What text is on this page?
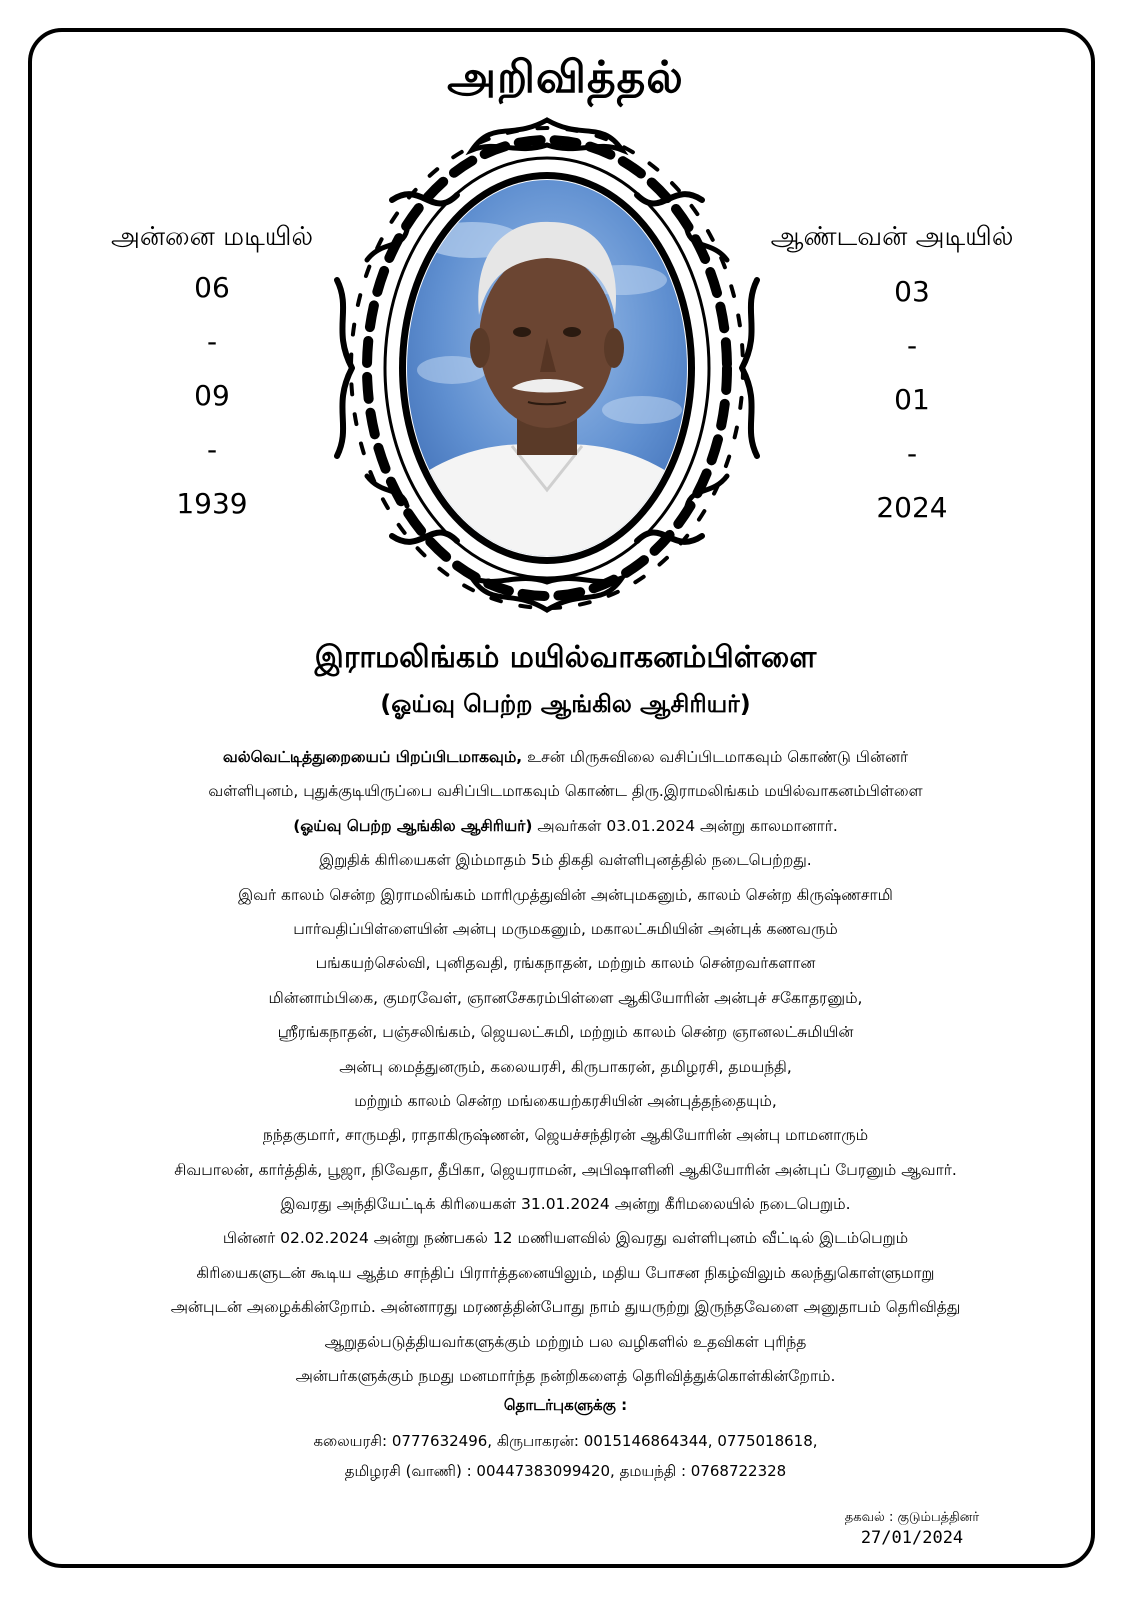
அறிவித்தல்
அன்னை மடியில்
06
-
09
-
1939
ஆண்டவன் அடியில்
03
-
01
-
2024
இராமலிங்கம் மயில்வாகனம்பிள்ளை
(ஓய்வு பெற்ற ஆங்கில ஆசிரியர்)
வல்வெட்டித்துறையைப் பிறப்பிடமாகவும், உசன் மிருசுவிலை வசிப்பிடமாகவும் கொண்டு பின்னர்
வள்ளிபுனம், புதுக்குடியிருப்பை வசிப்பிடமாகவும் கொண்ட திரு.இராமலிங்கம் மயில்வாகனம்பிள்ளை
(ஓய்வு பெற்ற ஆங்கில ஆசிரியர்) அவர்கள் 03.01.2024 அன்று காலமானார்.
இறுதிக் கிரியைகள் இம்மாதம் 5ம் திகதி வள்ளிபுனத்தில் நடைபெற்றது.
இவர் காலம் சென்ற இராமலிங்கம் மாரிமுத்துவின் அன்புமகனும், காலம் சென்ற கிருஷ்ணசாமி
பார்வதிப்பிள்ளையின் அன்பு மருமகனும், மகாலட்சுமியின் அன்புக் கணவரும்
பங்கயற்செல்வி, புனிதவதி, ரங்கநாதன், மற்றும் காலம் சென்றவர்களான
மின்னாம்பிகை, குமரவேள், ஞானசேகரம்பிள்ளை ஆகியோரின் அன்புச் சகோதரனும்,
ஸ்ரீரங்கநாதன், பஞ்சலிங்கம், ஜெயலட்சுமி, மற்றும் காலம் சென்ற ஞானலட்சுமியின்
அன்பு மைத்துனரும், கலையரசி, கிருபாகரன், தமிழரசி, தமயந்தி,
மற்றும் காலம் சென்ற மங்கையற்கரசியின் அன்புத்தந்தையும்,
நந்தகுமார், சாருமதி, ராதாகிருஷ்ணன், ஜெயச்சந்திரன் ஆகியோரின் அன்பு மாமனாரும்
சிவபாலன், கார்த்திக், பூஜா, நிவேதா, தீபிகா, ஜெயராமன், அபிஷாளினி ஆகியோரின் அன்புப் பேரனும் ஆவார்.
இவரது அந்தியேட்டிக் கிரியைகள் 31.01.2024 அன்று கீரிமலையில் நடைபெறும்.
பின்னர் 02.02.2024 அன்று நண்பகல் 12 மணியளவில் இவரது வள்ளிபுனம் வீட்டில் இடம்பெறும்
கிரியைகளுடன் கூடிய ஆத்ம சாந்திப் பிரார்த்தனையிலும், மதிய போசன நிகழ்விலும் கலந்துகொள்ளுமாறு
அன்புடன் அழைக்கின்றோம். அன்னாரது மரணத்தின்போது நாம் துயருற்று இருந்தவேளை அனுதாபம் தெரிவித்து
ஆறுதல்படுத்தியவர்களுக்கும் மற்றும் பல வழிகளில் உதவிகள் புரிந்த
அன்பர்களுக்கும் நமது மனமார்ந்த நன்றிகளைத் தெரிவித்துக்கொள்கின்றோம்.
தொடர்புகளுக்கு :
கலையரசி: 0777632496, கிருபாகரன்: 0015146864344, 0775018618,
தமிழரசி (வாணி) : 00447383099420, தமயந்தி : 0768722328
தகவல் : குடும்பத்தினர்
27/01/2024
